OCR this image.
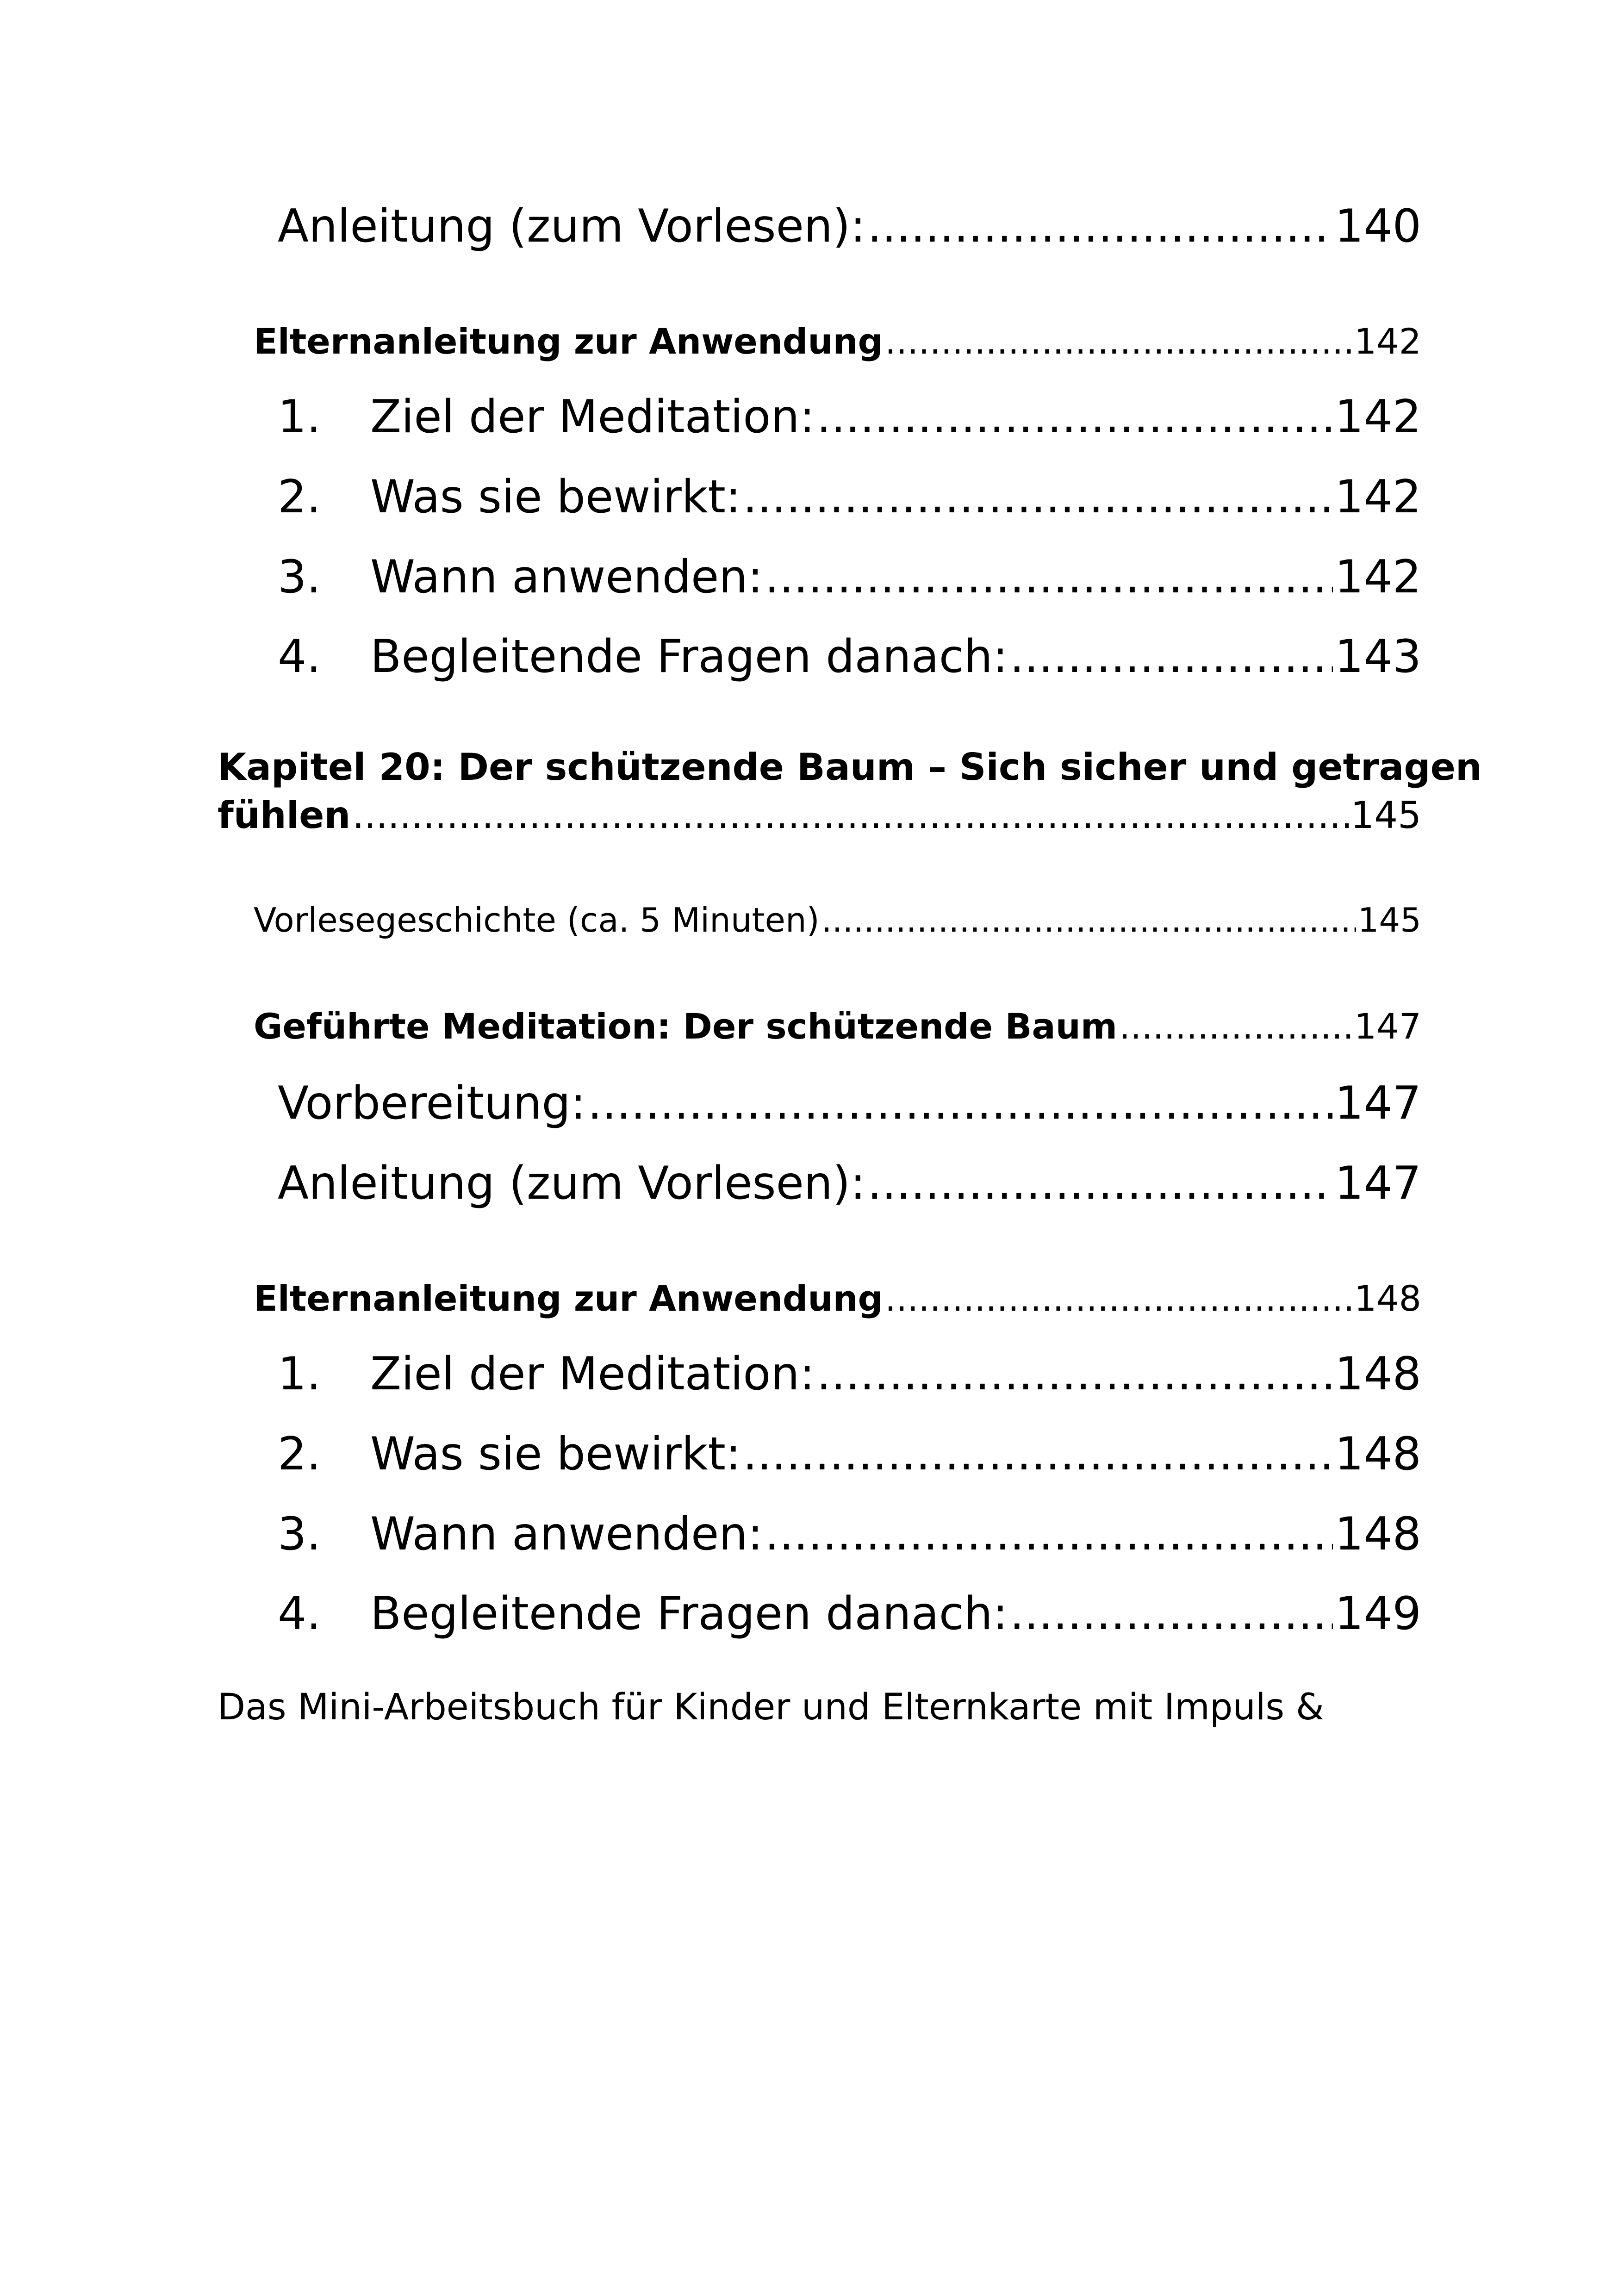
Anleitung (zum Vorlesen): .....	140
Elternanleitung zur Anwendung .....	142
1.	Ziel der Meditation: .....	142
2.	Was sie bewirkt: .....	142
3.	Wann anwenden: .....	142
4.	Begleitende Fragen danach: .....	143
Kapitel 20: Der schützende Baum – Sich sicher und getragen
fühlen .....	145
Vorlesegeschichte (ca. 5 Minuten) .....	145
Geführte Meditation: Der schützende Baum .....	147
Vorbereitung: .....	147
Anleitung (zum Vorlesen): .....	147
Elternanleitung zur Anwendung .....	148
1.	Ziel der Meditation: .....	148
2.	Was sie bewirkt: .....	148
3.	Wann anwenden: .....	148
4.	Begleitende Fragen danach: .....	149
Das Mini-Arbeitsbuch für Kinder und Elternkarte mit Impuls &
